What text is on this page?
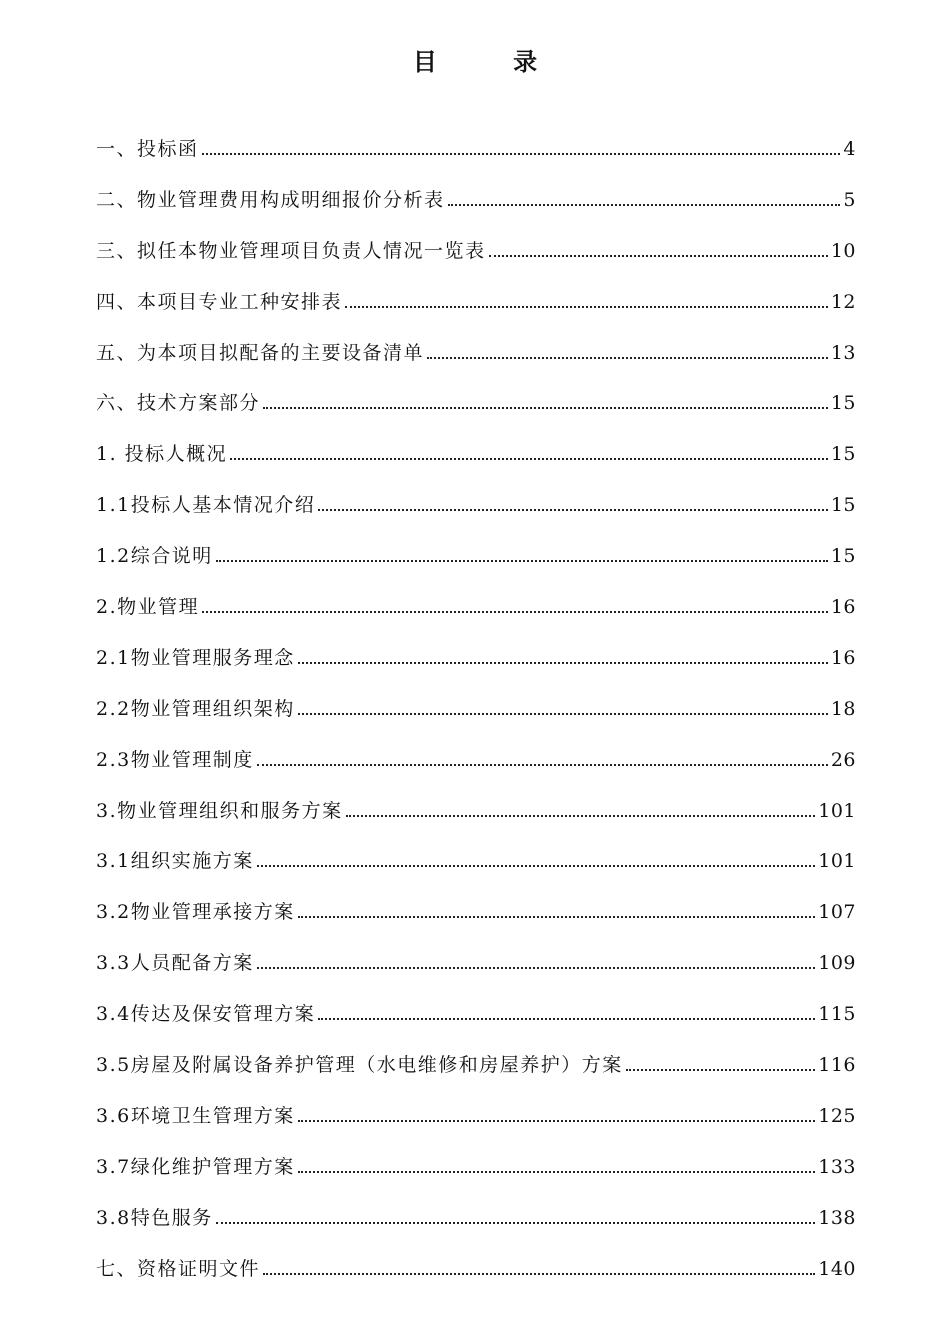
目 录
一、投标函	4
二、物业管理费用构成明细报价分析表	5
三、拟任本物业管理项目负责人情况一览表	10
四、本项目专业工种安排表	12
五、为本项目拟配备的主要设备清单	13
六、技术方案部分	15
1. 投标人概况	15
1.1投标人基本情况介绍	15
1.2综合说明	15
2.物业管理	16
2.1物业管理服务理念	16
2.2物业管理组织架构	18
2.3物业管理制度	26
3.物业管理组织和服务方案	101
3.1组织实施方案	101
3.2物业管理承接方案	107
3.3人员配备方案	109
3.4传达及保安管理方案	115
3.5房屋及附属设备养护管理（水电维修和房屋养护）方案	116
3.6环境卫生管理方案	125
3.7绿化维护管理方案	133
3.8特色服务	138
七、资格证明文件	140
